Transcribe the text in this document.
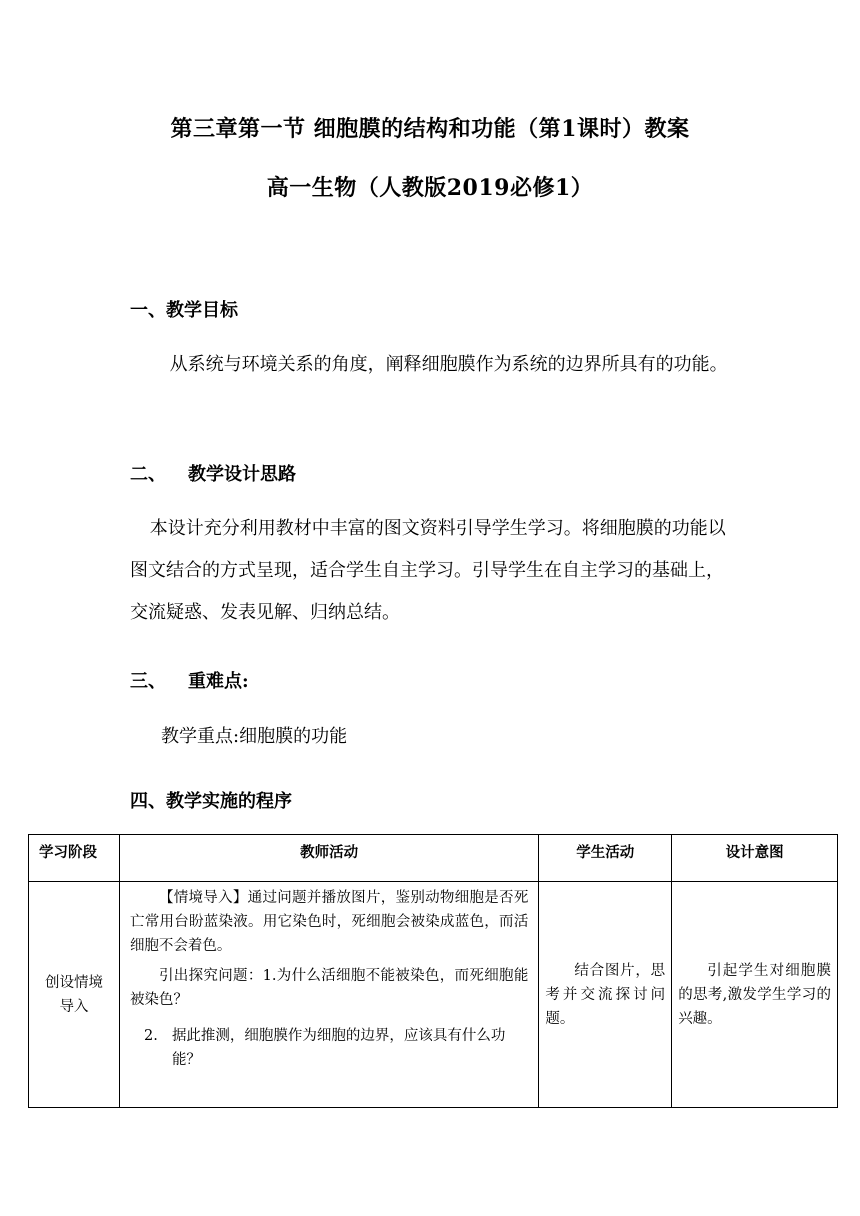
第三章第一节 细胞膜的结构和功能（第1课时）教案
高一生物（人教版2019必修1）
一、教学目标
从系统与环境关系的角度，阐释细胞膜作为系统的边界所具有的功能。
二、 教学设计思路
本设计充分利用教材中丰富的图文资料引导学生学习。将细胞膜的功能以图文结合的方式呈现，适合学生自主学习。引导学生在自主学习的基础上，交流疑惑、发表见解、归纳总结。
三、 重难点:
教学重点:细胞膜的功能
四、教学实施的程序
学习阶段	教师活动	学生活动	设计意图

创设情境导入	【情境导入】通过问题并播放图片，鉴别动物细胞是否死亡常用台盼蓝染液。用它染色时，死细胞会被染成蓝色，而活细胞不会着色。

引出探究问题：1.为什么活细胞不能被染色，而死细胞能被染色？

2. 据此推测，细胞膜作为细胞的边界，应该具有什么功能？	结合图片，思考并交流探讨问题。	引起学生对细胞膜的思考,激发学生学习的兴趣。
